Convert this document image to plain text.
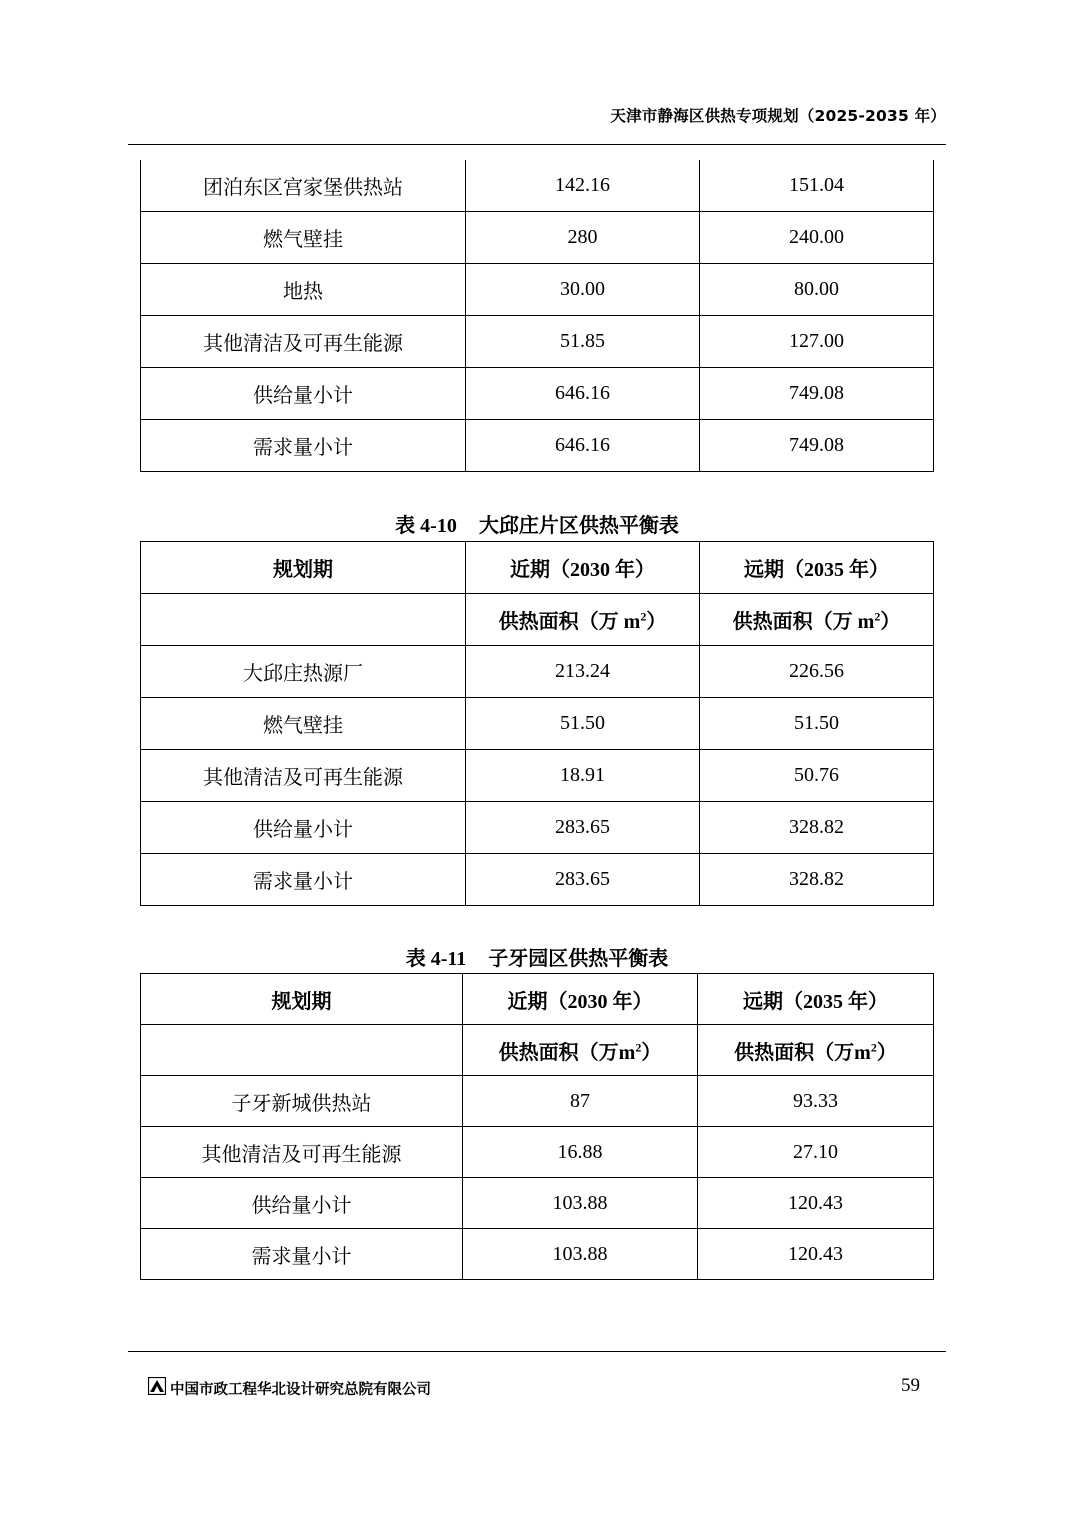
天津市静海区供热专项规划（2025-2035 年）
团泊东区宫家堡供热站	142.16	151.04
燃气壁挂	280	240.00
地热	30.00	80.00
其他清洁及可再生能源	51.85	127.00
供给量小计	646.16	749.08
需求量小计	646.16	749.08
表 4-10 大邱庄片区供热平衡表
规划期	近期（2030 年）	远期（2035 年）
	供热面积（万 $m^2$）	供热面积（万 $m^2$）
大邱庄热源厂	213.24	226.56
燃气壁挂	51.50	51.50
其他清洁及可再生能源	18.91	50.76
供给量小计	283.65	328.82
需求量小计	283.65	328.82
表 4-11 子牙园区供热平衡表
规划期	近期（2030 年）	远期（2035 年）
	供热面积（万$m^2$）	供热面积（万$m^2$）
子牙新城供热站	87	93.33
其他清洁及可再生能源	16.88	27.10
供给量小计	103.88	120.43
需求量小计	103.88	120.43
中国市政工程华北设计研究总院有限公司	59
